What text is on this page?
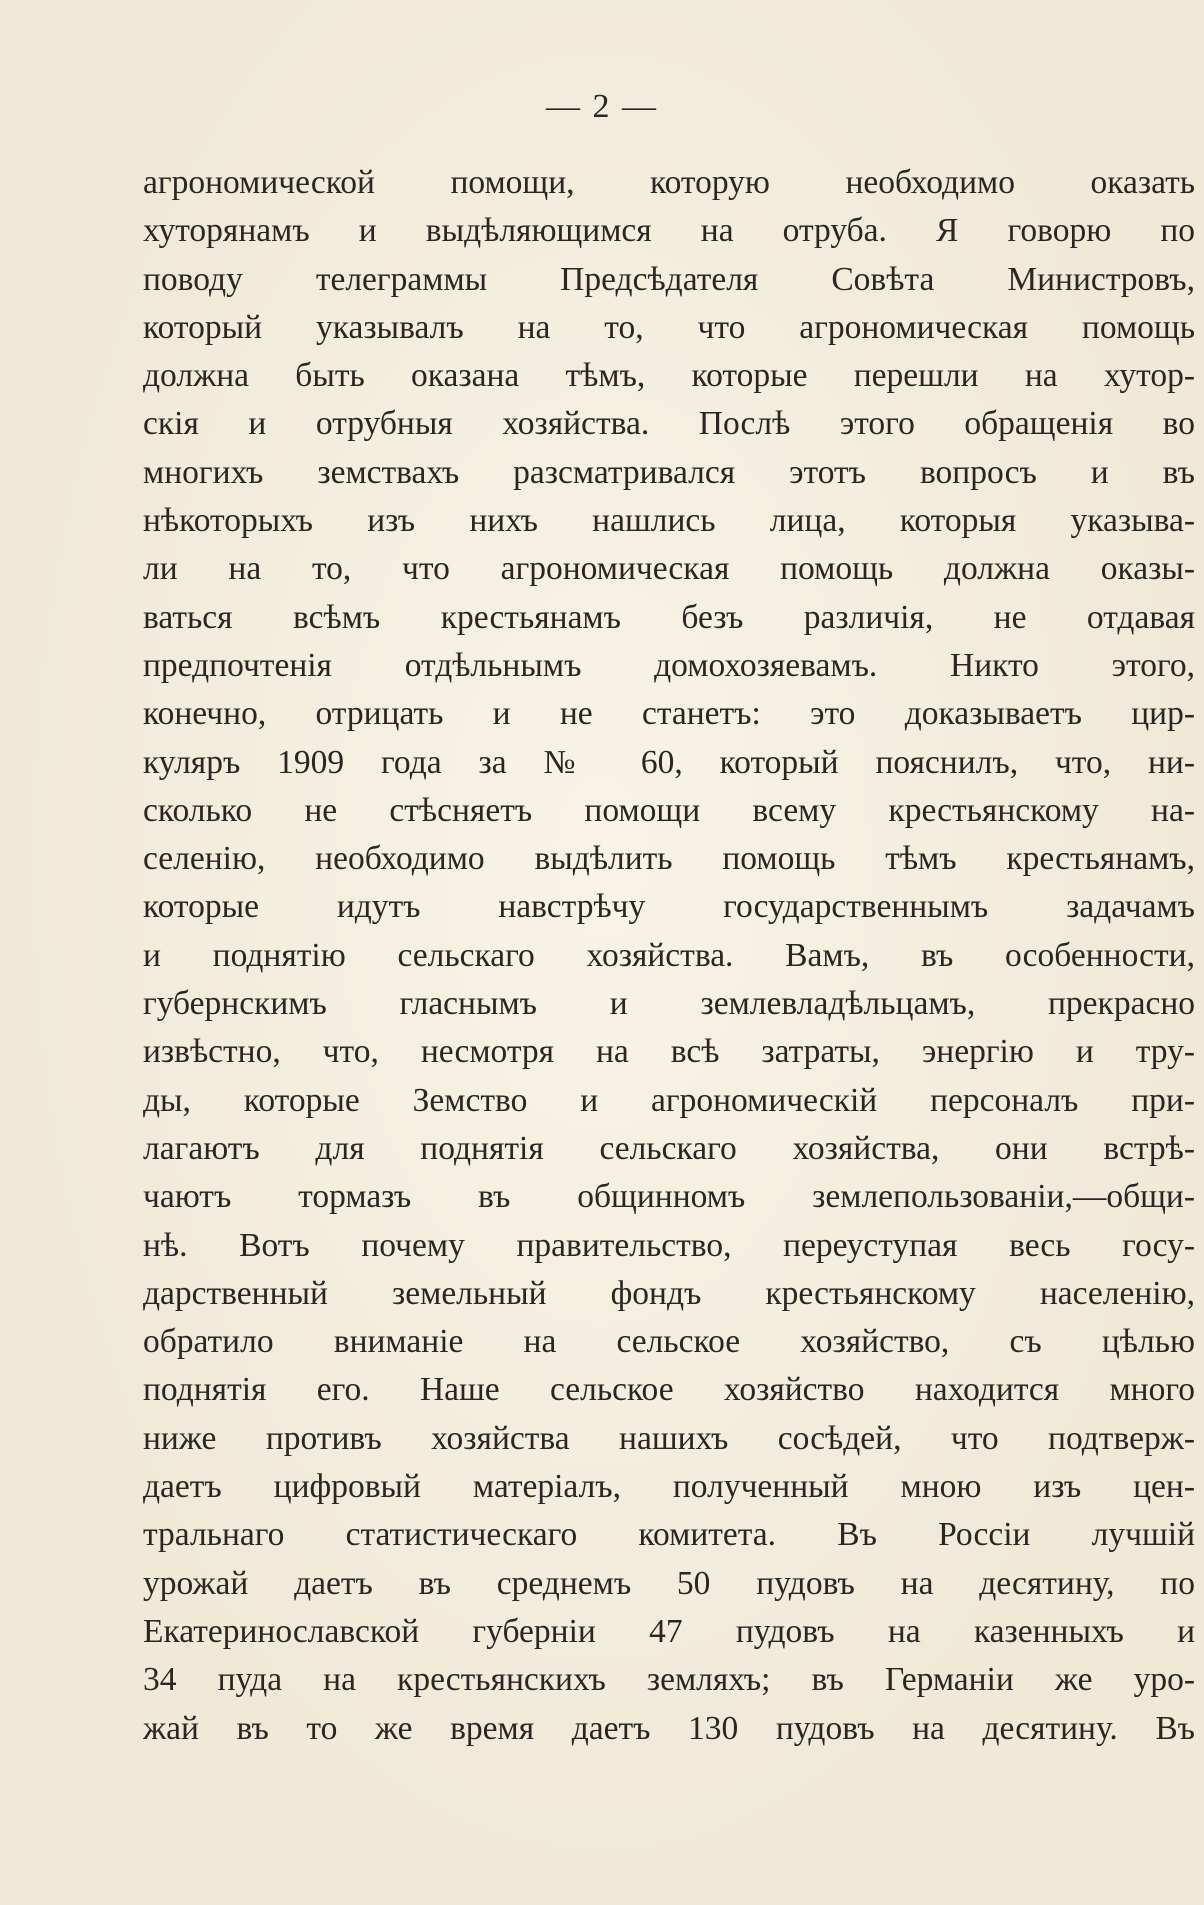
— 2 —
агрономической помощи, которую необходимо оказать
хуторянамъ и выдѣляющимся на отруба. Я говорю по
поводу телеграммы Предсѣдателя Совѣта Министровъ,
который указывалъ на то, что агрономическая помощь
должна быть оказана тѣмъ, которые перешли на хутор-
скія и отрубныя хозяйства. Послѣ этого обращенія во
многихъ земствахъ разсматривался этотъ вопросъ и въ
нѣкоторыхъ изъ нихъ нашлись лица, которыя указыва-
ли на то, что агрономическая помощь должна оказы-
ваться всѣмъ крестьянамъ безъ различія, не отдавая
предпочтенія отдѣльнымъ домохозяевамъ. Никто этого,
конечно, отрицать и не станетъ: это доказываетъ цир-
куляръ 1909 года за № 60, который пояснилъ, что, ни-
сколько не стѣсняетъ помощи всему крестьянскому на-
селенію, необходимо выдѣлить помощь тѣмъ крестьянамъ,
которые идутъ навстрѣчу государственнымъ задачамъ
и поднятію сельскаго хозяйства. Вамъ, въ особенности,
губернскимъ гласнымъ и землевладѣльцамъ, прекрасно
извѣстно, что, несмотря на всѣ затраты, энергію и тру-
ды, которые Земство и агрономическій персоналъ при-
лагаютъ для поднятія сельскаго хозяйства, они встрѣ-
чаютъ тормазъ въ общинномъ землепользованіи,—общи-
нѣ. Вотъ почему правительство, переуступая весь госу-
дарственный земельный фондъ крестьянскому населенію,
обратило вниманіе на сельское хозяйство, съ цѣлью
поднятія его. Наше сельское хозяйство находится много
ниже противъ хозяйства нашихъ сосѣдей, что подтверж-
даетъ цифровый матеріалъ, полученный мною изъ цен-
тральнаго статистическаго комитета. Въ Россіи лучшій
урожай даетъ въ среднемъ 50 пудовъ на десятину, по
Екатеринославской губерніи 47 пудовъ на казенныхъ и
34 пуда на крестьянскихъ земляхъ; въ Германіи же уро-
жай въ то же время даетъ 130 пудовъ на десятину. Въ
